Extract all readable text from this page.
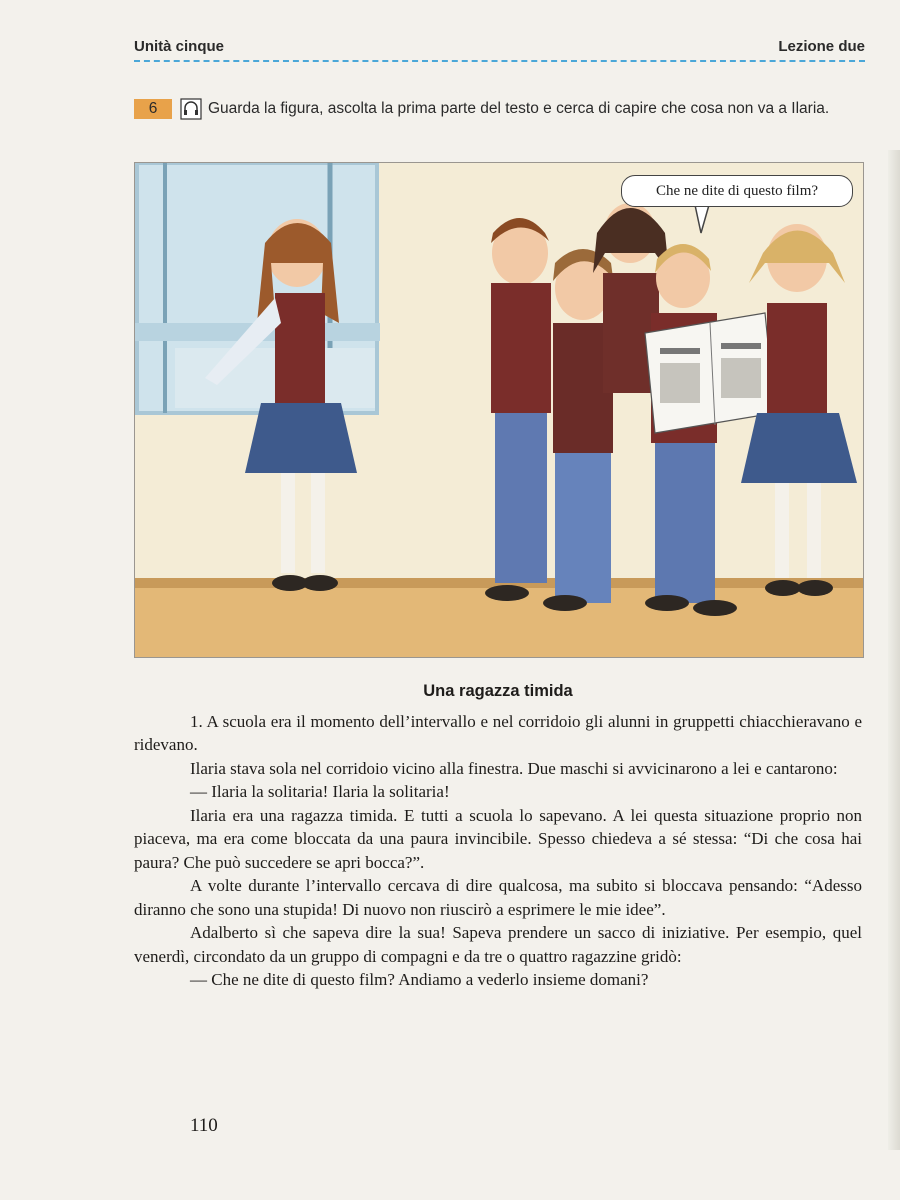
Unità cinque	Lezione due
6	Guarda la figura, ascolta la prima parte del testo e cerca di capire che cosa non va a Ilaria.
Che ne dite di questo film?
Una ragazza timida

1. A scuola era il momento dell’intervallo e nel corridoio gli alunni in gruppetti chiacchieravano e ridevano.

Ilaria stava sola nel corridoio vicino alla finestra. Due maschi si avvicinarono a lei e cantarono:

— Ilaria la solitaria! Ilaria la solitaria!

Ilaria era una ragazza timida. E tutti a scuola lo sapevano. A lei questa situazione proprio non piaceva, ma era come bloccata da una paura invincibile. Spesso chiedeva a sé stessa: “Di che cosa hai paura? Che può succedere se apri bocca?”.

A volte durante l’intervallo cercava di dire qualcosa, ma subito si bloccava pensando: “Adesso diranno che sono una stupida! Di nuovo non riuscirò a esprimere le mie idee”.

Adalberto sì che sapeva dire la sua! Sapeva prendere un sacco di iniziative. Per esempio, quel venerdì, circondato da un gruppo di compagni e da tre o quattro ragazzine gridò:

— Che ne dite di questo film? Andiamo a vederlo insieme domani?

110
